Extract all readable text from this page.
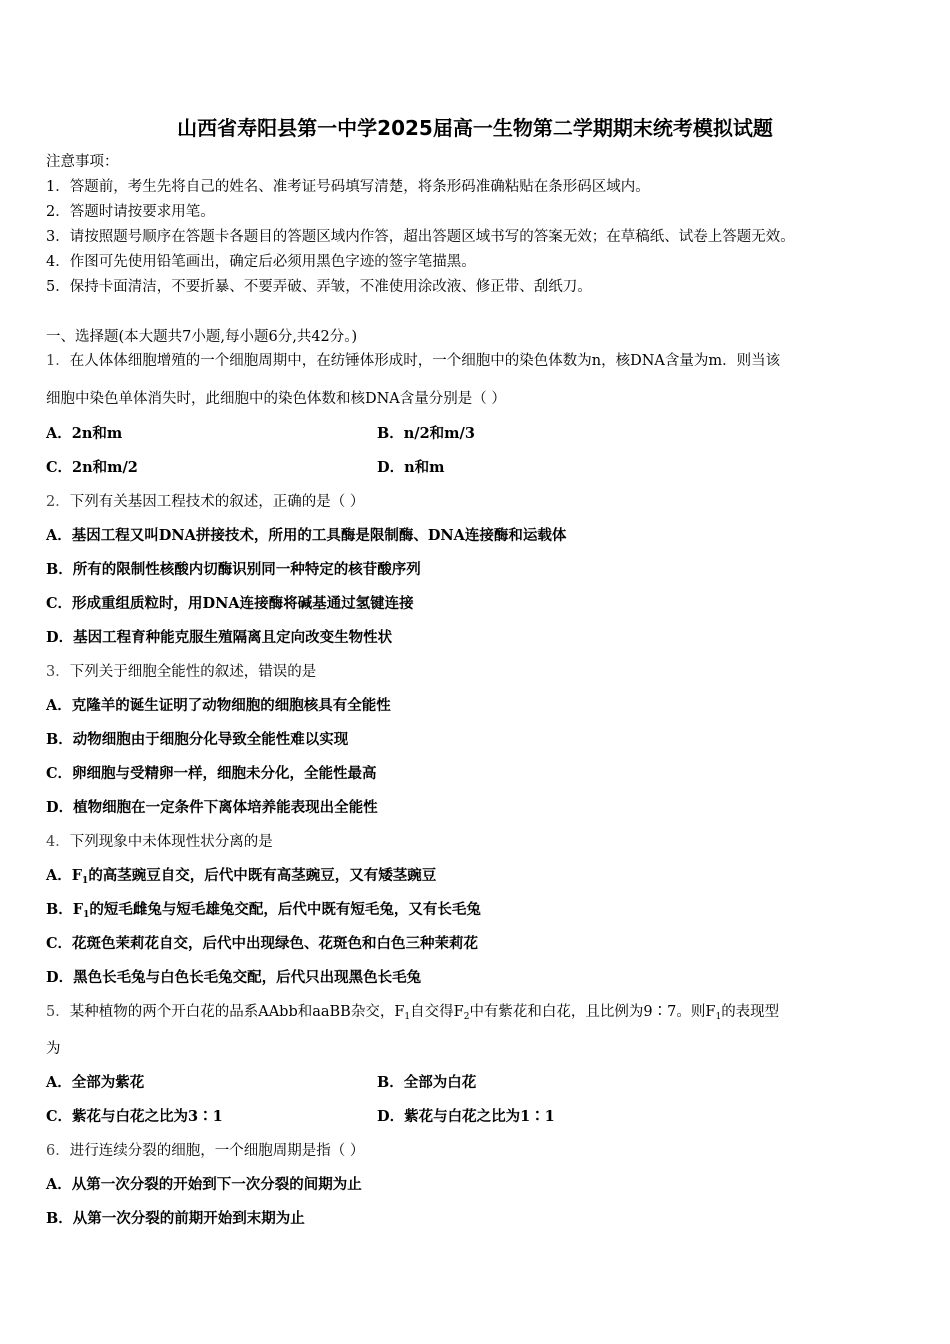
山西省寿阳县第一中学2025届高一生物第二学期期末统考模拟试题
注意事项：
1．答题前，考生先将自己的姓名、准考证号码填写清楚，将条形码准确粘贴在条形码区域内。
2．答题时请按要求用笔。
3．请按照题号顺序在答题卡各题目的答题区域内作答，超出答题区域书写的答案无效；在草稿纸、试卷上答题无效。
4．作图可先使用铅笔画出，确定后必须用黑色字迹的签字笔描黑。
5．保持卡面清洁，不要折暴、不要弄破、弄皱，不准使用涂改液、修正带、刮纸刀。
一、选择题(本大题共7小题,每小题6分,共42分。)
1．在人体体细胞增殖的一个细胞周期中，在纺锤体形成时，一个细胞中的染色体数为n，核DNA含量为m．则当该
细胞中染色单体消失时，此细胞中的染色体数和核DNA含量分别是（ ）
A．2n和m	B．n/2和m/3
C．2n和m/2	D．n和m
2．下列有关基因工程技术的叙述，正确的是（ ）
A．基因工程又叫DNA拼接技术，所用的工具酶是限制酶、DNA连接酶和运载体
B．所有的限制性核酸内切酶识别同一种特定的核苷酸序列
C．形成重组质粒时，用DNA连接酶将碱基通过氢键连接
D．基因工程育种能克服生殖隔离且定向改变生物性状
3．下列关于细胞全能性的叙述，错误的是
A．克隆羊的诞生证明了动物细胞的细胞核具有全能性
B．动物细胞由于细胞分化导致全能性难以实现
C．卵细胞与受精卵一样，细胞未分化，全能性最高
D．植物细胞在一定条件下离体培养能表现出全能性
4．下列现象中未体现性状分离的是
A．$F_1$的高茎豌豆自交，后代中既有高茎豌豆，又有矮茎豌豆
B．$F_1$的短毛雌兔与短毛雄兔交配，后代中既有短毛兔，又有长毛兔
C．花斑色茉莉花自交，后代中出现绿色、花斑色和白色三种茉莉花
D．黑色长毛兔与白色长毛兔交配，后代只出现黑色长毛兔
5．某种植物的两个开白花的品系AAbb和aaBB杂交，$F_1$自交得$F_2$中有紫花和白花，且比例为9∶7。则$F_1$的表现型
为
A．全部为紫花	B．全部为白花
C．紫花与白花之比为3∶1	D．紫花与白花之比为1∶1
6．进行连续分裂的细胞，一个细胞周期是指（ ）
A．从第一次分裂的开始到下一次分裂的间期为止
B．从第一次分裂的前期开始到末期为止
